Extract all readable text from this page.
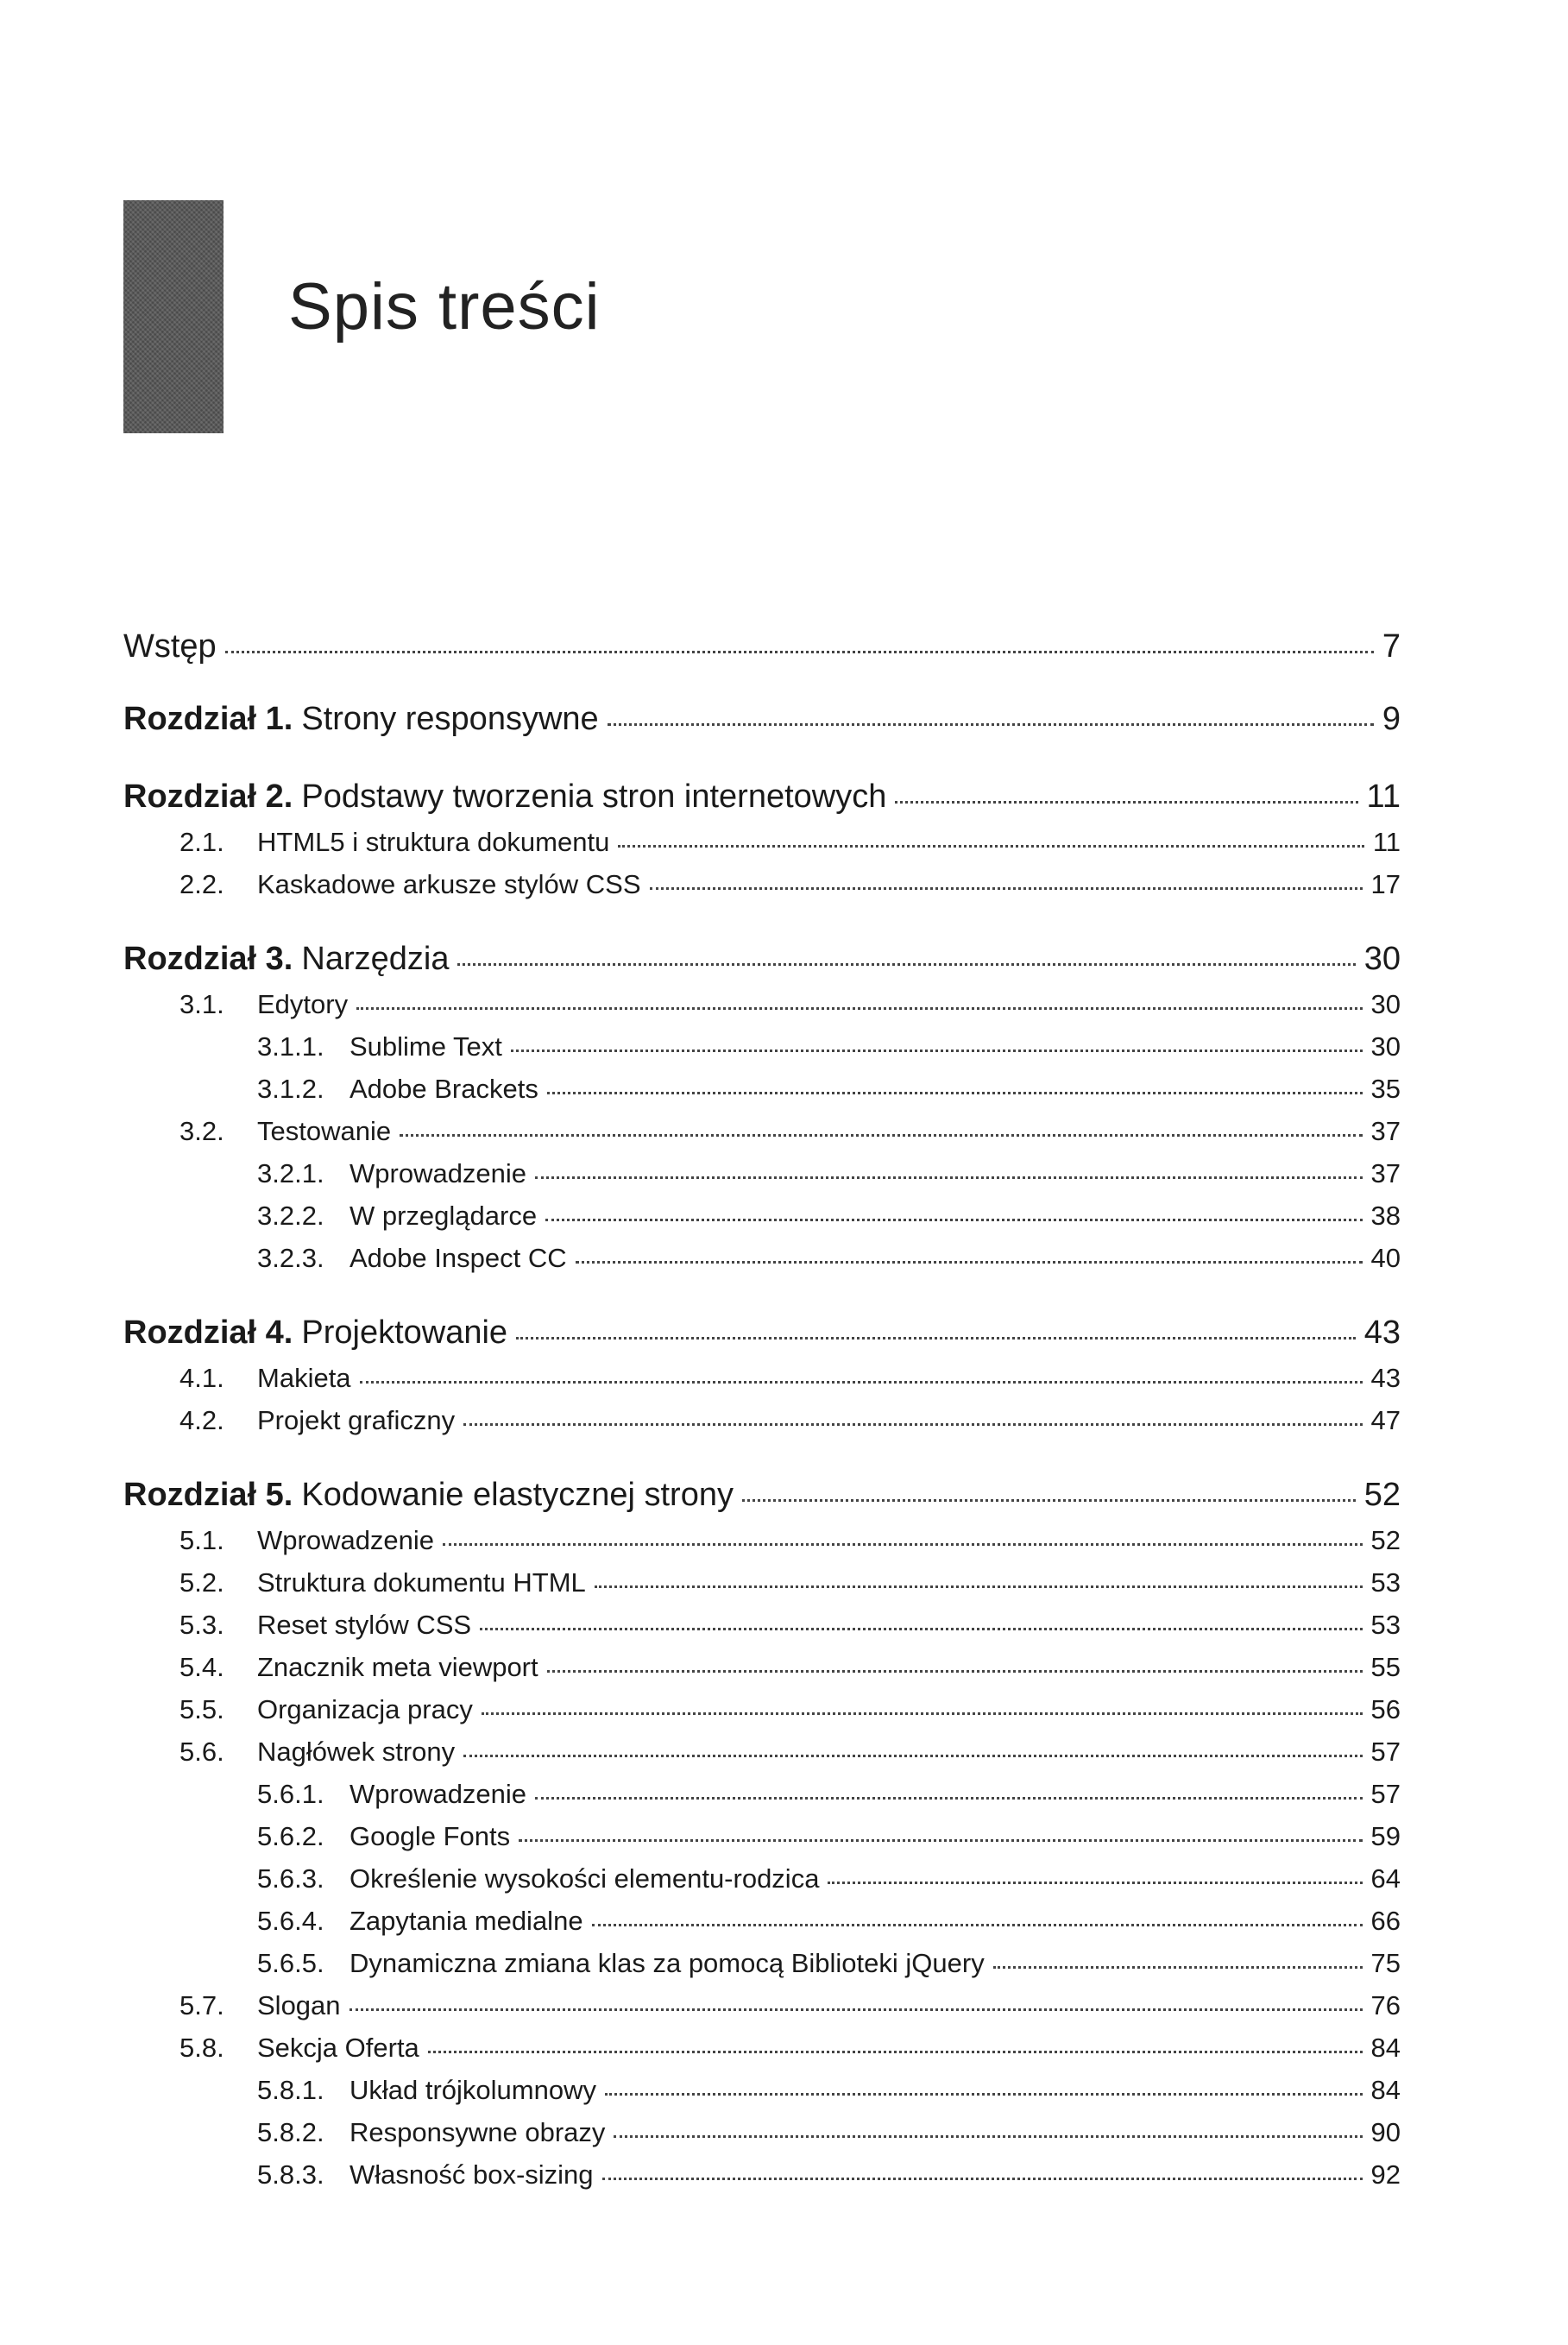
Spis treści
Wstęp	7
Rozdział 1. Strony responsywne	9
Rozdział 2. Podstawy tworzenia stron internetowych	11
2.1. HTML5 i struktura dokumentu	11
2.2. Kaskadowe arkusze stylów CSS	17
Rozdział 3. Narzędzia	30
3.1. Edytory	30
3.1.1. Sublime Text	30
3.1.2. Adobe Brackets	35
3.2. Testowanie	37
3.2.1. Wprowadzenie	37
3.2.2. W przeglądarce	38
3.2.3. Adobe Inspect CC	40
Rozdział 4. Projektowanie	43
4.1. Makieta	43
4.2. Projekt graficzny	47
Rozdział 5. Kodowanie elastycznej strony	52
5.1. Wprowadzenie	52
5.2. Struktura dokumentu HTML	53
5.3. Reset stylów CSS	53
5.4. Znacznik meta viewport	55
5.5. Organizacja pracy	56
5.6. Nagłówek strony	57
5.6.1. Wprowadzenie	57
5.6.2. Google Fonts	59
5.6.3. Określenie wysokości elementu-rodzica	64
5.6.4. Zapytania medialne	66
5.6.5. Dynamiczna zmiana klas za pomocą Biblioteki jQuery	75
5.7. Slogan	76
5.8. Sekcja Oferta	84
5.8.1. Układ trójkolumnowy	84
5.8.2. Responsywne obrazy	90
5.8.3. Własność box-sizing	92
